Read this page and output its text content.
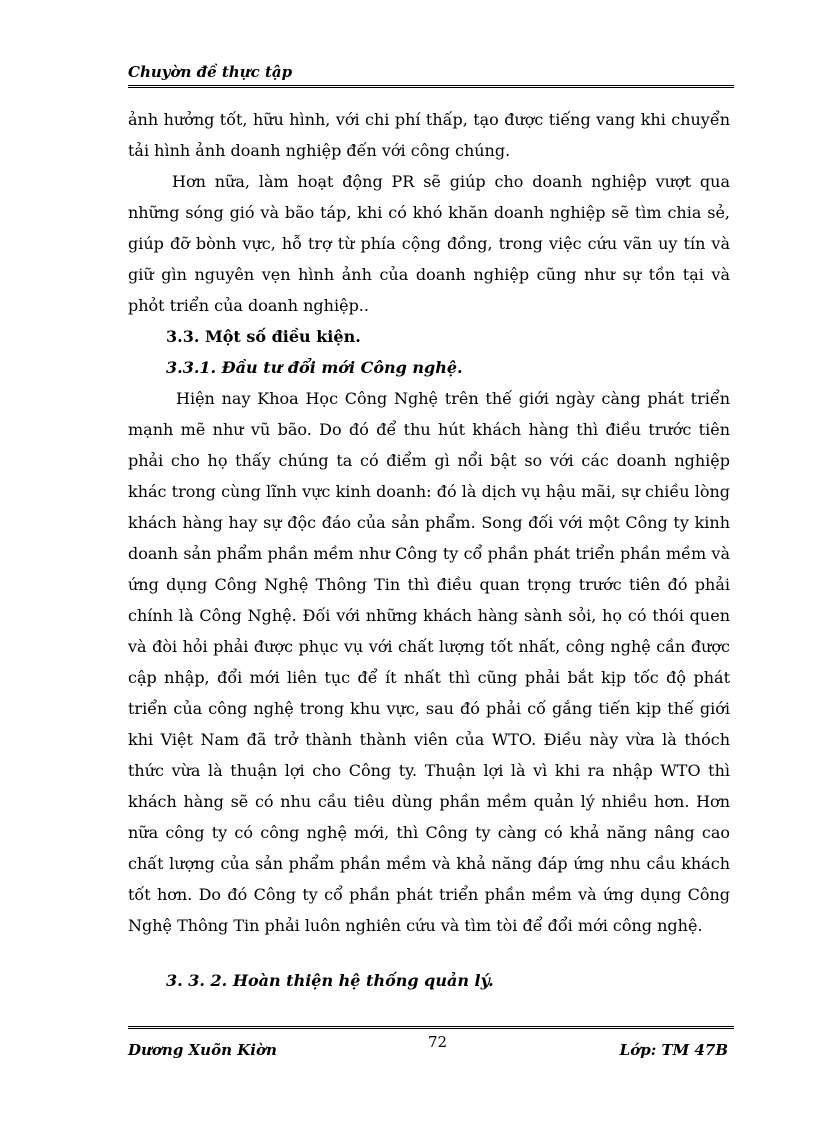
Chuyờn đề thực tập

ảnh hưởng tốt, hữu hình, với chi phí thấp, tạo được tiếng vang khi chuyển tải hình ảnh doanh nghiệp đến với công chúng.

Hơn nữa, làm hoạt động PR sẽ giúp cho doanh nghiệp vượt qua những sóng gió và bão táp, khi có khó khăn doanh nghiệp sẽ tìm chia sẻ, giúp đỡ bònh vực, hỗ trợ từ phía cộng đồng, trong việc cứu vãn uy tín và giữ gìn nguyên vẹn hình ảnh của doanh nghiệp cũng như sự tồn tại và phỏt triển của doanh nghiệp..

3.3. Một số điều kiện.

3.3.1. Đầu tư đổi mới Công nghệ.

Hiện nay Khoa Học Công Nghệ trên thế giới ngày càng phát triển mạnh mẽ như vũ bão. Do đó để thu hút khách hàng thì điều trước tiên phải cho họ thấy chúng ta có điểm gì nổi bật so với các doanh nghiệp khác trong cùng lĩnh vực kinh doanh: đó là dịch vụ hậu mãi, sự chiều lòng khách hàng hay sự độc đáo của sản phẩm. Song đối với một Công ty kinh doanh sản phẩm phần mềm như Công ty cổ phần phát triển phần mềm và ứng dụng Công Nghệ Thông Tin thì điều quan trọng trước tiên đó phải chính là Công Nghệ. Đối với những khách hàng sành sỏi, họ có thói quen và đòi hỏi phải được phục vụ với chất lượng tốt nhất, công nghệ cần được cập nhập, đổi mới liên tục để ít nhất thì cũng phải bắt kịp tốc độ phát triển của công nghệ trong khu vực, sau đó phải cố gắng tiến kịp thế giới khi Việt Nam đã trở thành thành viên của WTO. Điều này vừa là thóch thức vừa là thuận lợi cho Công ty. Thuận lợi là vì khi ra nhập WTO thì khách hàng sẽ có nhu cầu tiêu dùng phần mềm quản lý nhiều hơn. Hơn nữa công ty có công nghệ mới, thì Công ty càng có khả năng nâng cao chất lượng của sản phẩm phần mềm và khả năng đáp ứng nhu cầu khách tốt hơn. Do đó Công ty cổ phần phát triển phần mềm và ứng dụng Công Nghệ Thông Tin phải luôn nghiên cứu và tìm tòi để đổi mới công nghệ.

3. 3. 2. Hoàn thiện hệ thống quản lý.

Dương Xuõn Kiờn	72	Lớp: TM 47B
